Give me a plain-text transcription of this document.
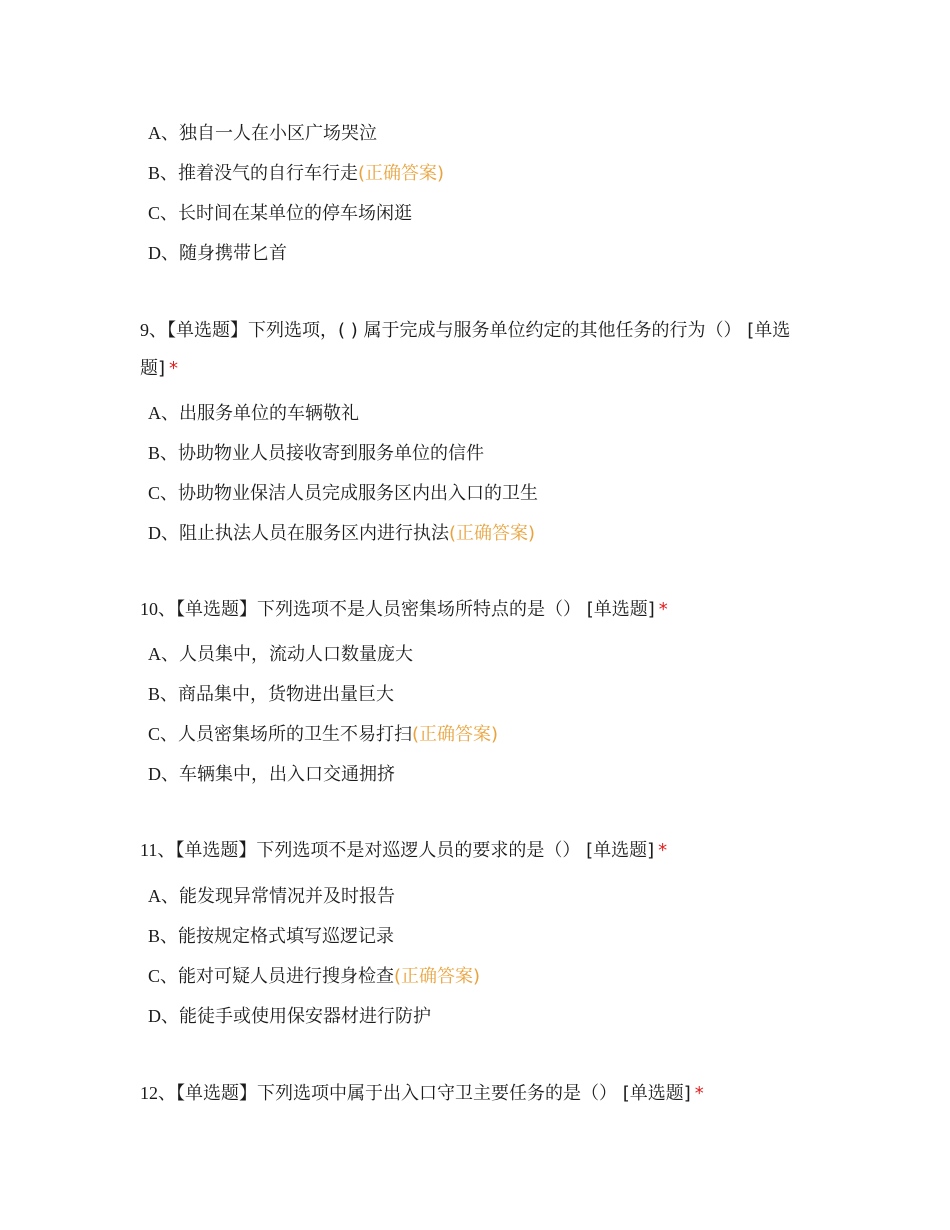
A、独自一人在小区广场哭泣
B、推着没气的自行车行走(正确答案)
C、长时间在某单位的停车场闲逛
D、随身携带匕首
9、【单选题】下列选项，( ) 属于完成与服务单位约定的其他任务的行为（） [单选题] *
A、出服务单位的车辆敬礼
B、协助物业人员接收寄到服务单位的信件
C、协助物业保洁人员完成服务区内出入口的卫生
D、阻止执法人员在服务区内进行执法(正确答案)
10、【单选题】下列选项不是人员密集场所特点的是（） [单选题] *
A、人员集中，流动人口数量庞大
B、商品集中，货物进出量巨大
C、人员密集场所的卫生不易打扫(正确答案)
D、车辆集中，出入口交通拥挤
11、【单选题】下列选项不是对巡逻人员的要求的是（） [单选题] *
A、能发现异常情况并及时报告
B、能按规定格式填写巡逻记录
C、能对可疑人员进行搜身检查(正确答案)
D、能徒手或使用保安器材进行防护
12、【单选题】下列选项中属于出入口守卫主要任务的是（） [单选题] *
